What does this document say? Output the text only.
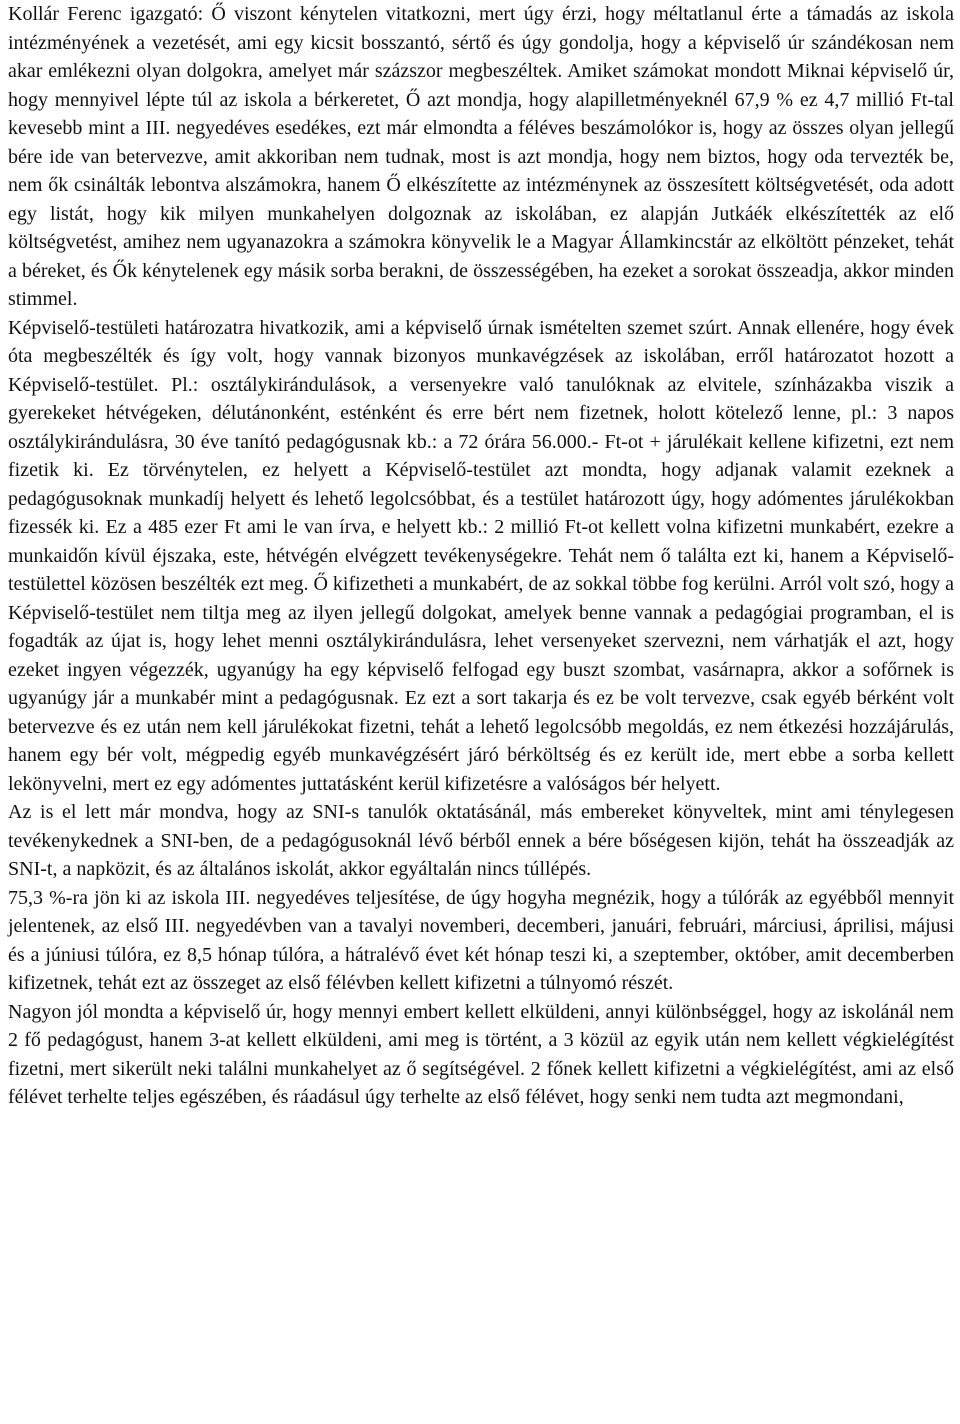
Kollár Ferenc igazgató: Ő viszont kénytelen vitatkozni, mert úgy érzi, hogy méltatlanul érte a támadás az iskola intézményének a vezetését, ami egy kicsit bosszantó, sértő és úgy gondolja, hogy a képviselő úr szándékosan nem akar emlékezni olyan dolgokra, amelyet már százszor megbeszéltek. Amiket számokat mondott Miknai képviselő úr, hogy mennyivel lépte túl az iskola a bérkeretet, Ő azt mondja, hogy alapilletményeknél 67,9 % ez 4,7 millió Ft-tal kevesebb mint a III. negyedéves esedékes, ezt már elmondta a féléves beszámolókor is, hogy az összes olyan jellegű bére ide van betervezve, amit akkoriban nem tudnak, most is azt mondja, hogy nem biztos, hogy oda tervezték be, nem ők csinálták lebontva alszámokra, hanem Ő elkészítette az intézménynek az összesített költségvetését, oda adott egy listát, hogy kik milyen munkahelyen dolgoznak az iskolában, ez alapján Jutkáék elkészítették az elő költségvetést, amihez nem ugyanazokra a számokra könyvelik le a Magyar Államkincstár az elköltött pénzeket, tehát a béreket, és Ők kénytelenek egy másik sorba berakni, de összességében, ha ezeket a sorokat összeadja, akkor minden stimmel.

Képviselő-testületi határozatra hivatkozik, ami a képviselő úrnak ismételten szemet szúrt. Annak ellenére, hogy évek óta megbeszélték és így volt, hogy vannak bizonyos munkavégzések az iskolában, erről határozatot hozott a Képviselő-testület. Pl.: osztálykirándulások, a versenyekre való tanulóknak az elvitele, színházakba viszik a gyerekeket hétvégeken, délutánonként, esténként és erre bért nem fizetnek, holott kötelező lenne, pl.: 3 napos osztálykirándulásra, 30 éve tanító pedagógusnak kb.: a 72 órára 56.000.- Ft-ot + járulékait kellene kifizetni, ezt nem fizetik ki. Ez törvénytelen, ez helyett a Képviselő-testület azt mondta, hogy adjanak valamit ezeknek a pedagógusoknak munkadíj helyett és lehető legolcsóbbat, és a testület határozott úgy, hogy adómentes járulékokban fizessék ki. Ez a 485 ezer Ft ami le van írva, e helyett kb.: 2 millió Ft-ot kellett volna kifizetni munkabért, ezekre a munkaidőn kívül éjszaka, este, hétvégén elvégzett tevékenységekre. Tehát nem ő találta ezt ki, hanem a Képviselő-testülettel közösen beszélték ezt meg. Ő kifizetheti a munkabért, de az sokkal többe fog kerülni. Arról volt szó, hogy a Képviselő-testület nem tiltja meg az ilyen jellegű dolgokat, amelyek benne vannak a pedagógiai programban, el is fogadták az újat is, hogy lehet menni osztálykirándulásra, lehet versenyeket szervezni, nem várhatják el azt, hogy ezeket ingyen végezzék, ugyanúgy ha egy képviselő felfogad egy buszt szombat, vasárnapra, akkor a sofőrnek is ugyanúgy jár a munkabér mint a pedagógusnak. Ez ezt a sort takarja és ez be volt tervezve, csak egyéb bérként volt betervezve és ez után nem kell járulékokat fizetni, tehát a lehető legolcsóbb megoldás, ez nem étkezési hozzájárulás, hanem egy bér volt, mégpedig egyéb munkavégzésért járó bérköltség és ez került ide, mert ebbe a sorba kellett lekönyvelni, mert ez egy adómentes juttatásként kerül kifizetésre a valóságos bér helyett.

Az is el lett már mondva, hogy az SNI-s tanulók oktatásánál, más embereket könyveltek, mint ami ténylegesen tevékenykednek a SNI-ben, de a pedagógusoknál lévő bérből ennek a bére bőségesen kijön, tehát ha összeadják az SNI-t, a napközit, és az általános iskolát, akkor egyáltalán nincs túllépés.

75,3 %-ra jön ki az iskola III. negyedéves teljesítése, de úgy hogyha megnézik, hogy a túlórák az egyébből mennyit jelentenek, az első III. negyedévben van a tavalyi novemberi, decemberi, januári, februári, márciusi, áprilisi, májusi és a júniusi túlóra, ez 8,5 hónap túlóra, a hátralévő évet két hónap teszi ki, a szeptember, október, amit decemberben kifizetnek, tehát ezt az összeget az első félévben kellett kifizetni a túlnyomó részét.

Nagyon jól mondta a képviselő úr, hogy mennyi embert kellett elküldeni, annyi különbséggel, hogy az iskolánál nem 2 fő pedagógust, hanem 3-at kellett elküldeni, ami meg is történt, a 3 közül az egyik után nem kellett végkielégítést fizetni, mert sikerült neki találni munkahelyet az ő segítségével. 2 főnek kellett kifizetni a végkielégítést, ami az első félévet terhelte teljes egészében, és ráadásul úgy terhelte az első félévet, hogy senki nem tudta azt megmondani,
